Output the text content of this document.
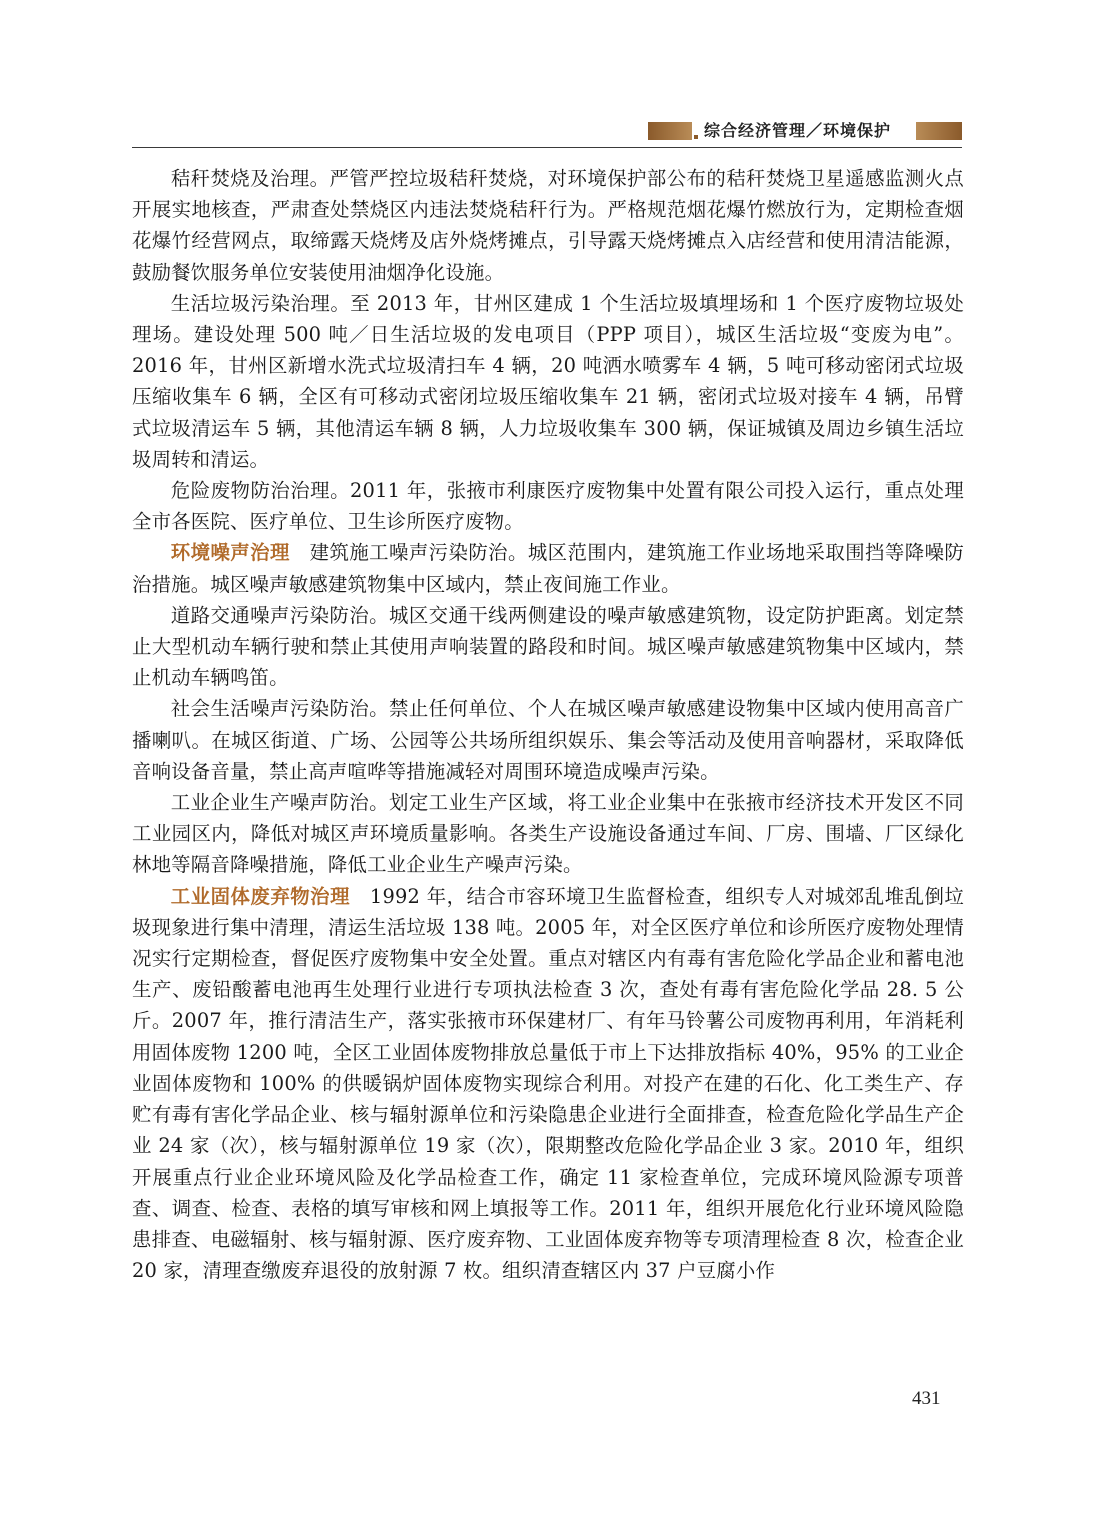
综合经济管理／环境保护

秸秆焚烧及治理。严管严控垃圾秸秆焚烧，对环境保护部公布的秸秆焚烧卫星遥感监测火点开展实地核查，严肃查处禁烧区内违法焚烧秸秆行为。严格规范烟花爆竹燃放行为，定期检查烟花爆竹经营网点，取缔露天烧烤及店外烧烤摊点，引导露天烧烤摊点入店经营和使用清洁能源，鼓励餐饮服务单位安装使用油烟净化设施。

生活垃圾污染治理。至 2013 年，甘州区建成 1 个生活垃圾填埋场和 1 个医疗废物垃圾处理场。建设处理 500 吨／日生活垃圾的发电项目（PPP 项目），城区生活垃圾“变废为电”。2016 年，甘州区新增水洗式垃圾清扫车 4 辆，20 吨洒水喷雾车 4 辆，5 吨可移动密闭式垃圾压缩收集车 6 辆，全区有可移动式密闭垃圾压缩收集车 21 辆，密闭式垃圾对接车 4 辆，吊臂式垃圾清运车 5 辆，其他清运车辆 8 辆，人力垃圾收集车 300 辆，保证城镇及周边乡镇生活垃圾周转和清运。

危险废物防治治理。2011 年，张掖市利康医疗废物集中处置有限公司投入运行，重点处理全市各医院、医疗单位、卫生诊所医疗废物。

环境噪声治理　 建筑施工噪声污染防治。城区范围内，建筑施工作业场地采取围挡等降噪防治措施。城区噪声敏感建筑物集中区域内，禁止夜间施工作业。

道路交通噪声污染防治。城区交通干线两侧建设的噪声敏感建筑物，设定防护距离。划定禁止大型机动车辆行驶和禁止其使用声响装置的路段和时间。城区噪声敏感建筑物集中区域内，禁止机动车辆鸣笛。

社会生活噪声污染防治。禁止任何单位、个人在城区噪声敏感建设物集中区域内使用高音广播喇叭。在城区街道、广场、公园等公共场所组织娱乐、集会等活动及使用音响器材，采取降低音响设备音量，禁止高声喧哗等措施减轻对周围环境造成噪声污染。

工业企业生产噪声防治。划定工业生产区域，将工业企业集中在张掖市经济技术开发区不同工业园区内，降低对城区声环境质量影响。各类生产设施设备通过车间、厂房、围墙、厂区绿化林地等隔音降噪措施，降低工业企业生产噪声污染。

工业固体废弃物治理　 1992 年，结合市容环境卫生监督检查，组织专人对城郊乱堆乱倒垃圾现象进行集中清理，清运生活垃圾 138 吨。2005 年，对全区医疗单位和诊所医疗废物处理情况实行定期检查，督促医疗废物集中安全处置。重点对辖区内有毒有害危险化学品企业和蓄电池生产、废铅酸蓄电池再生处理行业进行专项执法检查 3 次，查处有毒有害危险化学品 28. 5 公斤。2007 年，推行清洁生产，落实张掖市环保建材厂、有年马铃薯公司废物再利用，年消耗利用固体废物 1200 吨，全区工业固体废物排放总量低于市上下达排放指标 40%，95% 的工业企业固体废物和 100% 的供暖锅炉固体废物实现综合利用。对投产在建的石化、化工类生产、存贮有毒有害化学品企业、核与辐射源单位和污染隐患企业进行全面排查，检查危险化学品生产企业 24 家（次），核与辐射源单位 19 家（次），限期整改危险化学品企业 3 家。2010 年，组织开展重点行业企业环境风险及化学品检查工作，确定 11 家检查单位，完成环境风险源专项普查、调查、检查、表格的填写审核和网上填报等工作。2011 年，组织开展危化行业环境风险隐患排查、电磁辐射、核与辐射源、医疗废弃物、工业固体废弃物等专项清理检查 8 次，检查企业 20 家，清理查缴废弃退役的放射源 7 枚。组织清查辖区内 37 户豆腐小作

431
